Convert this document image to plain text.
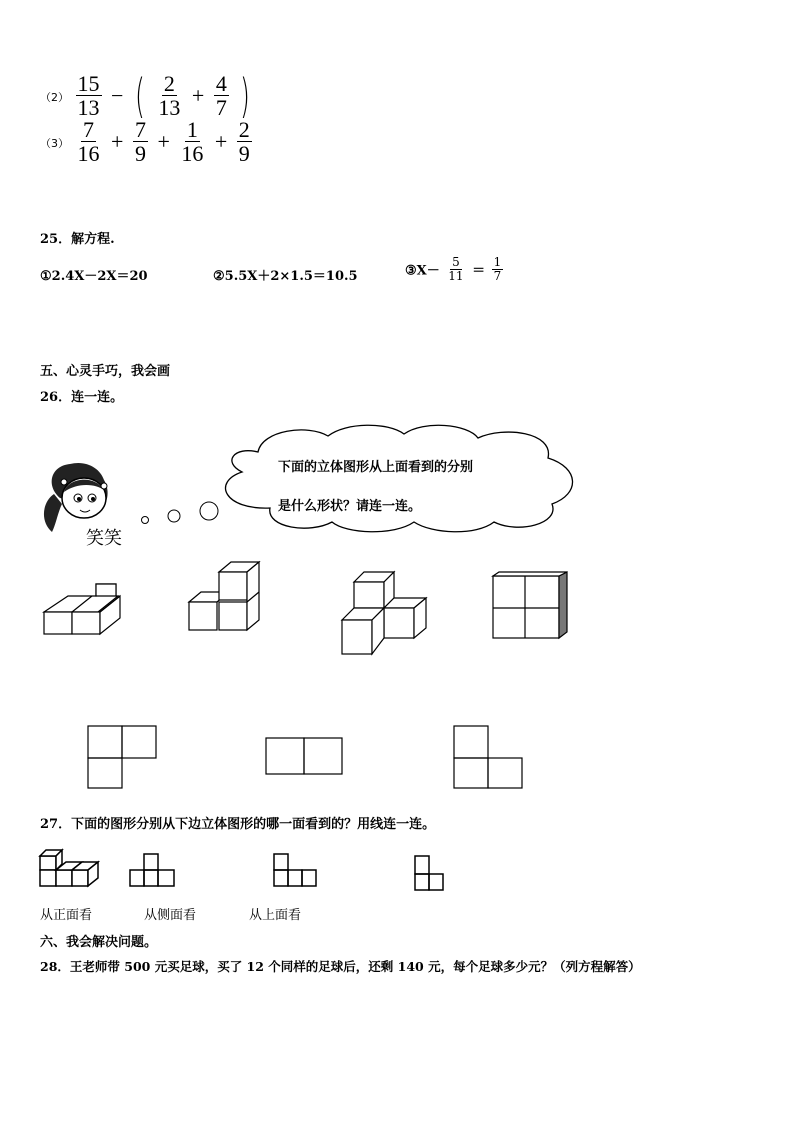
$(2) \frac{15}{13}$ − ( $\frac{2}{13} + \frac{4}{7}$ )
$(3) \frac{7}{16} + \frac{7}{9} + \frac{1}{16} + \frac{2}{9}$
25．解方程.
①2.4X－2X＝20	②5.5X＋2×1.5＝10.5	③X－ $\frac{5}{11} = \frac{1}{7}$
五、心灵手巧，我会画
26．连一连。
笑笑
下面的立体图形从上面看到的分别
是什么形状？请连一连。
27．下面的图形分别从下边立体图形的哪一面看到的？用线连一连。
从正面看	从侧面看	从上面看
六、我会解决问题。
28．王老师带 500 元买足球，买了 12 个同样的足球后，还剩 140 元，每个足球多少元？（列方程解答）
